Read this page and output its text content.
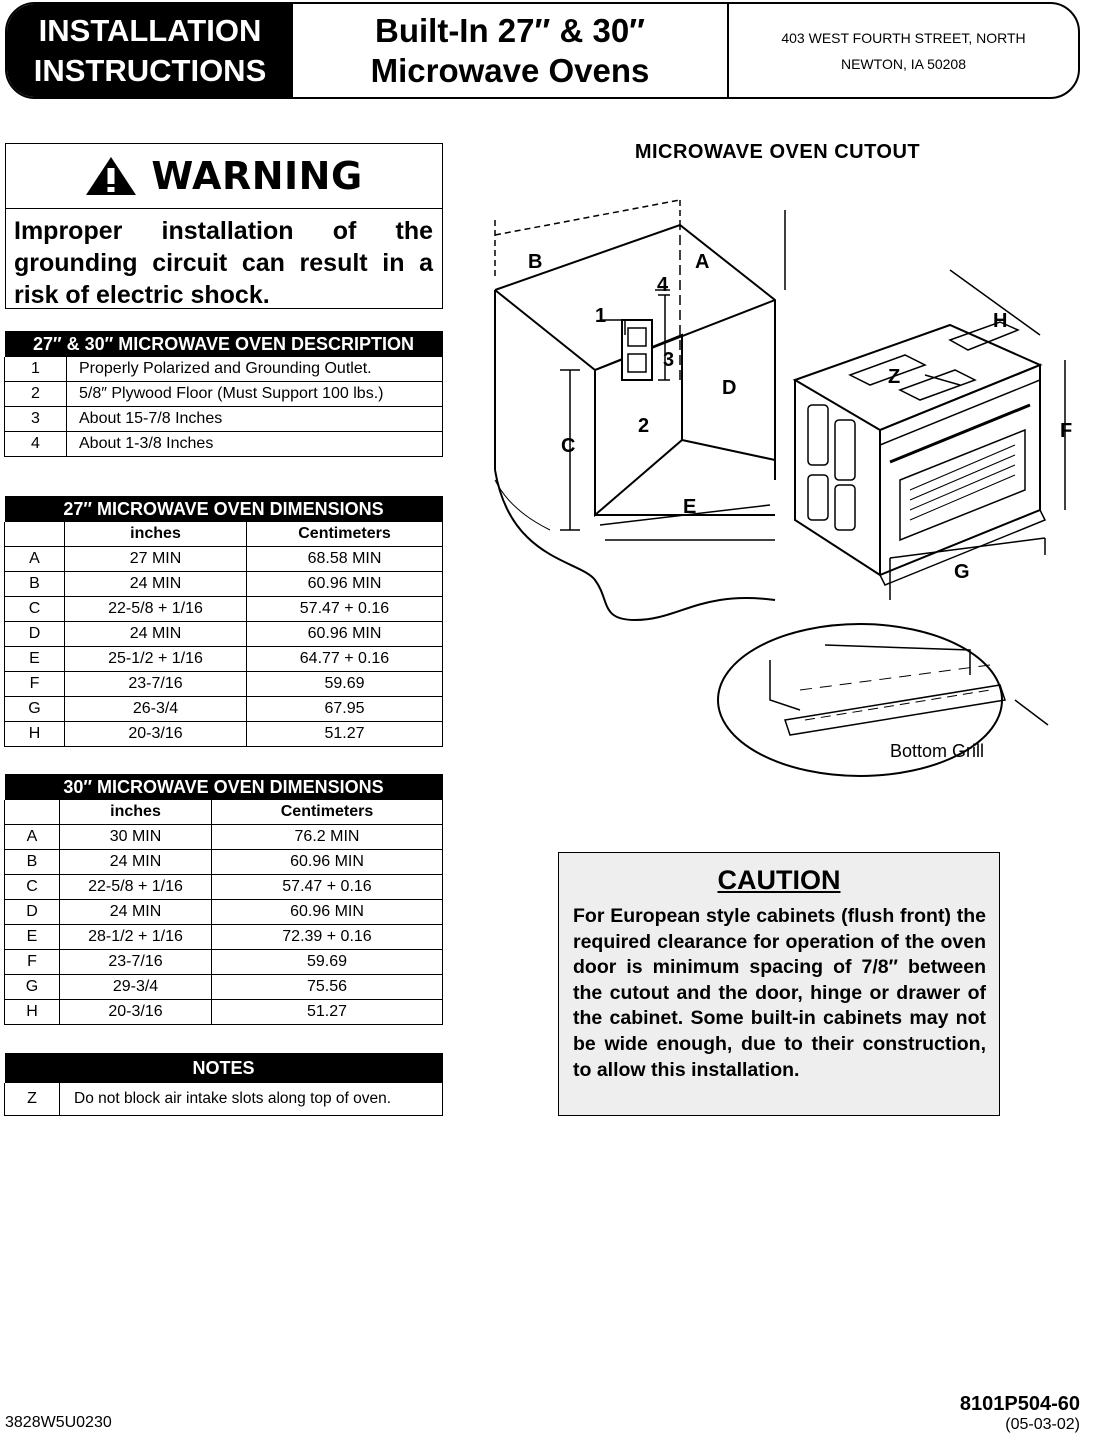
INSTALLATION
INSTRUCTIONS
Built-In 27″ & 30″
Microwave Ovens
403 WEST FOURTH STREET, NORTH
NEWTON, IA 50208
WARNING
Improper installation of the grounding circuit can result in a risk of electric shock.
27″ & 30″ MICROWAVE OVEN DESCRIPTION	
1	Properly Polarized and Grounding Outlet.
2	5/8″ Plywood Floor (Must Support 100 lbs.)
3	About 15-7/8 Inches
4	About 1-3/8 Inches
27″ MICROWAVE OVEN DIMENSIONS		
	inches	Centimeters
A	27 MIN	68.58 MIN
B	24 MIN	60.96 MIN
C	22-5/8 + 1/16	57.47 + 0.16
D	24 MIN	60.96 MIN
E	25-1/2 + 1/16	64.77 + 0.16
F	23-7/16	59.69
G	26-3/4	67.95
H	20-3/16	51.27
30″ MICROWAVE OVEN DIMENSIONS		
	inches	Centimeters
A	30 MIN	76.2 MIN
B	24 MIN	60.96 MIN
C	22-5/8 + 1/16	57.47 + 0.16
D	24 MIN	60.96 MIN
E	28-1/2 + 1/16	72.39 + 0.16
F	23-7/16	59.69
G	29-3/4	75.56
H	20-3/16	51.27
NOTES
Z	Do not block air intake slots along top of oven.
MICROWAVE OVEN CUTOUT
B	A
C
D
E
F
G
H
Z
1
2
3
4
Bottom Grill
CAUTION
For European style cabinets (flush front) the required clearance for operation of the oven door is minimum spacing of 7/8″ between the cutout and the door, hinge or drawer of the cabinet. Some built-in cabinets may not be wide enough, due to their construction, to allow this installation.
8101P504-60
(05-03-02)
3828W5U0230
